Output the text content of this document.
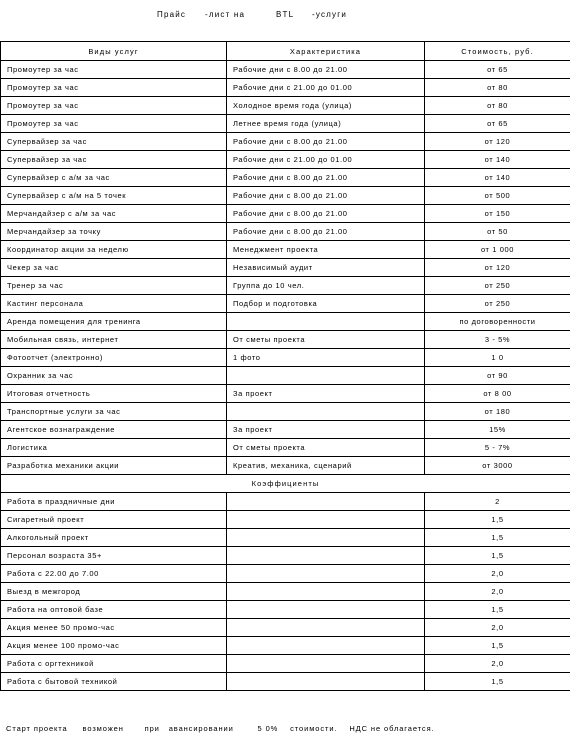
Прайс -лист на	BTL -услуги
Виды услуг	Характеристика	Стоимость, руб.
Промоутер за час	Рабочие дни с 8.00 до 21.00	от 65
Промоутер за час	Рабочие дни с 21.00 до 01.00	от 80
Промоутер за час	Холодное время года (улица)	от 80
Промоутер за час	Летнее время года (улица)	от 65
Супервайзер за час	Рабочие дни с 8.00 до 21.00	от 120
Супервайзер за час	Рабочие дни с 21.00 до 01.00	от 140
Супервайзер с а/м за час	Рабочие дни с 8.00 до 21.00	от 140
Супервайзер с а/м на 5 точек	Рабочие дни с 8.00 до 21.00	от 500
Мерчандайзер с а/м за час	Рабочие дни с 8.00 до 21.00	от 150
Мерчандайзер за точку	Рабочие дни с 8.00 до 21.00	от 50
Координатор акции за неделю	Менеджмент проекта	от 1 000
Чекер за час	Независимый аудит	от 120
Тренер за час	Группа до 10 чел.	от 250
Кастинг персонала	Подбор и подготовка	от 250
Аренда помещения для тренинга		по договоренности
Мобильная связь, интернет	От сметы проекта	3 - 5%
Фотоотчет (электронно)	1 фото	1 0
Охранник за час		от 90
Итоговая отчетность	За проект	от 8 00
Транспортные услуги за час		от 180
Агентское вознаграждение	За проект	15%
Логистика	От сметы проекта	5 - 7%
Разработка механики акции	Креатив, механика, сценарий	от 3000
Коэффициенты		
Работа в праздничные дни		2
Сигаретный проект		1,5
Алкогольный проект		1,5
Персонал возраста 35+		1,5
Работа с 22.00 до 7.00		2,0
Выезд в межгород		2,0
Работа на оптовой базе		1,5
Акция менее 50 промо-час		2,0
Акция менее 100 промо-час		1,5
Работа с оргтехникой		2,0
Работа с бытовой техникой		1,5
Старт проекта     возможен       при   авансировании        5 0%    стоимости.    НДС не облагается.
